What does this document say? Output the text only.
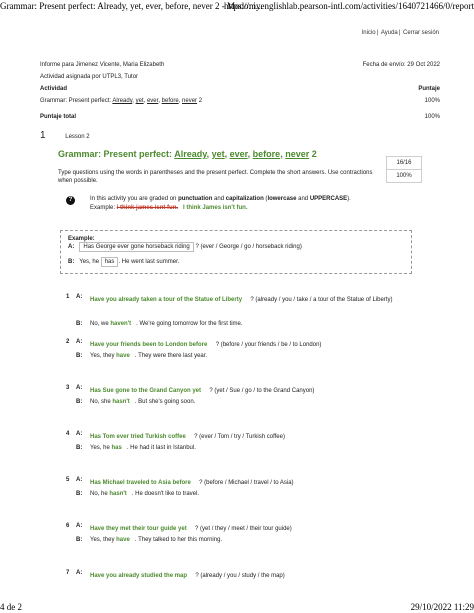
Grammar: Present perfect: Already, yet, ever, before, never 2 - Modo: i...
https://myenglishlab.pearson-intl.com/activities/1640721466/0/report
Inicio| Ayuda| Cerrar sesión
Informe para Jimenez Vicente, Maria Elizabeth	Fecha de envío: 29 Oct 2022
Actividad asignada por UTPL3, Tutor
Actividad	Puntaje
Grammar: Present perfect: Already, yet, ever, before, never 2	100%
Puntaje total	100%
1	Lesson 2
Grammar: Present perfect: Already, yet, ever, before, never 2
16/16
100%
Type questions using the words in parentheses and the present perfect. Complete the short answers. Use contractions when possible.
?	In this activity you are graded on punctuation and capitalization (lowercase and UPPERCASE).
Example: i think james isnt fun. I think James isn't fun.
Example:
A: Has George ever gone horseback riding ? (ever / George / go / horseback riding)
B: Yes, he has . He went last summer.
1 A: Have you already taken a tour of the Statue of Liberty ? (already / you / take / a tour of the Statue of Liberty)
B: No, we haven't . We're going tomorrow for the first time.
2 A: Have your friends been to London before ? (before / your friends / be / to London)
B: Yes, they have . They were there last year.
3 A: Has Sue gone to the Grand Canyon yet ? (yet / Sue / go / to the Grand Canyon)
B: No, she hasn't . But she's going soon.
4 A: Has Tom ever tried Turkish coffee ? (ever / Tom / try / Turkish coffee)
B: Yes, he has . He had it last in Istanbul.
5 A: Has Michael traveled to Asia before ? (before / Michael / travel / to Asia)
B: No, he hasn't . He doesn't like to travel.
6 A: Have they met their tour guide yet ? (yet / they / meet / their tour guide)
B: Yes, they have . They talked to her this morning.
7 A: Have you already studied the map ? (already / you / study / the map)
4 de 2	29/10/2022 11:29
